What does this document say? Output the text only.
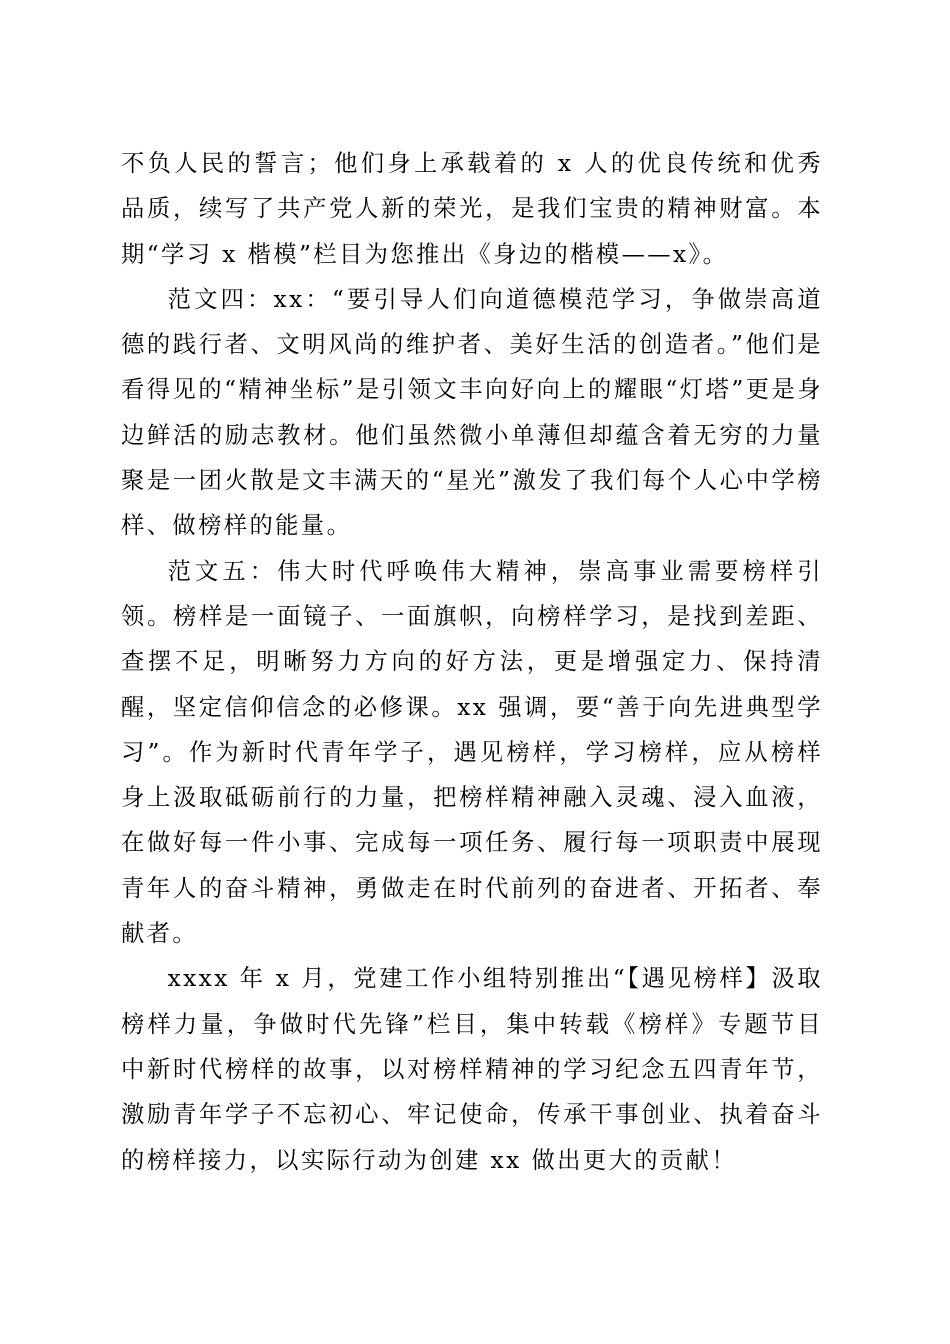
不负人民的誓言；他们身上承载着的 x 人的优良传统和优秀品质，续写了共产党人新的荣光，是我们宝贵的精神财富。本期“学习 x 楷模”栏目为您推出《身边的楷模——x》。

范文四：xx：“要引导人们向道德模范学习，争做崇高道德的践行者、文明风尚的维护者、美好生活的创造者。”他们是看得见的“精神坐标”是引领文丰向好向上的耀眼“灯塔”更是身边鲜活的励志教材。他们虽然微小单薄但却蕴含着无穷的力量聚是一团火散是文丰满天的“星光”激发了我们每个人心中学榜样、做榜样的能量。

范文五：伟大时代呼唤伟大精神，崇高事业需要榜样引领。榜样是一面镜子、一面旗帜，向榜样学习，是找到差距、查摆不足，明晰努力方向的好方法，更是增强定力、保持清醒，坚定信仰信念的必修课。xx 强调，要“善于向先进典型学习”。作为新时代青年学子，遇见榜样，学习榜样，应从榜样身上汲取砥砺前行的力量，把榜样精神融入灵魂、浸入血液，在做好每一件小事、完成每一项任务、履行每一项职责中展现青年人的奋斗精神，勇做走在时代前列的奋进者、开拓者、奉献者。

xxxx 年 x 月，党建工作小组特别推出“【遇见榜样】汲取榜样力量，争做时代先锋”栏目，集中转载《榜样》专题节目中新时代榜样的故事，以对榜样精神的学习纪念五四青年节，激励青年学子不忘初心、牢记使命，传承干事创业、执着奋斗的榜样接力，以实际行动为创建 xx 做出更大的贡献！
